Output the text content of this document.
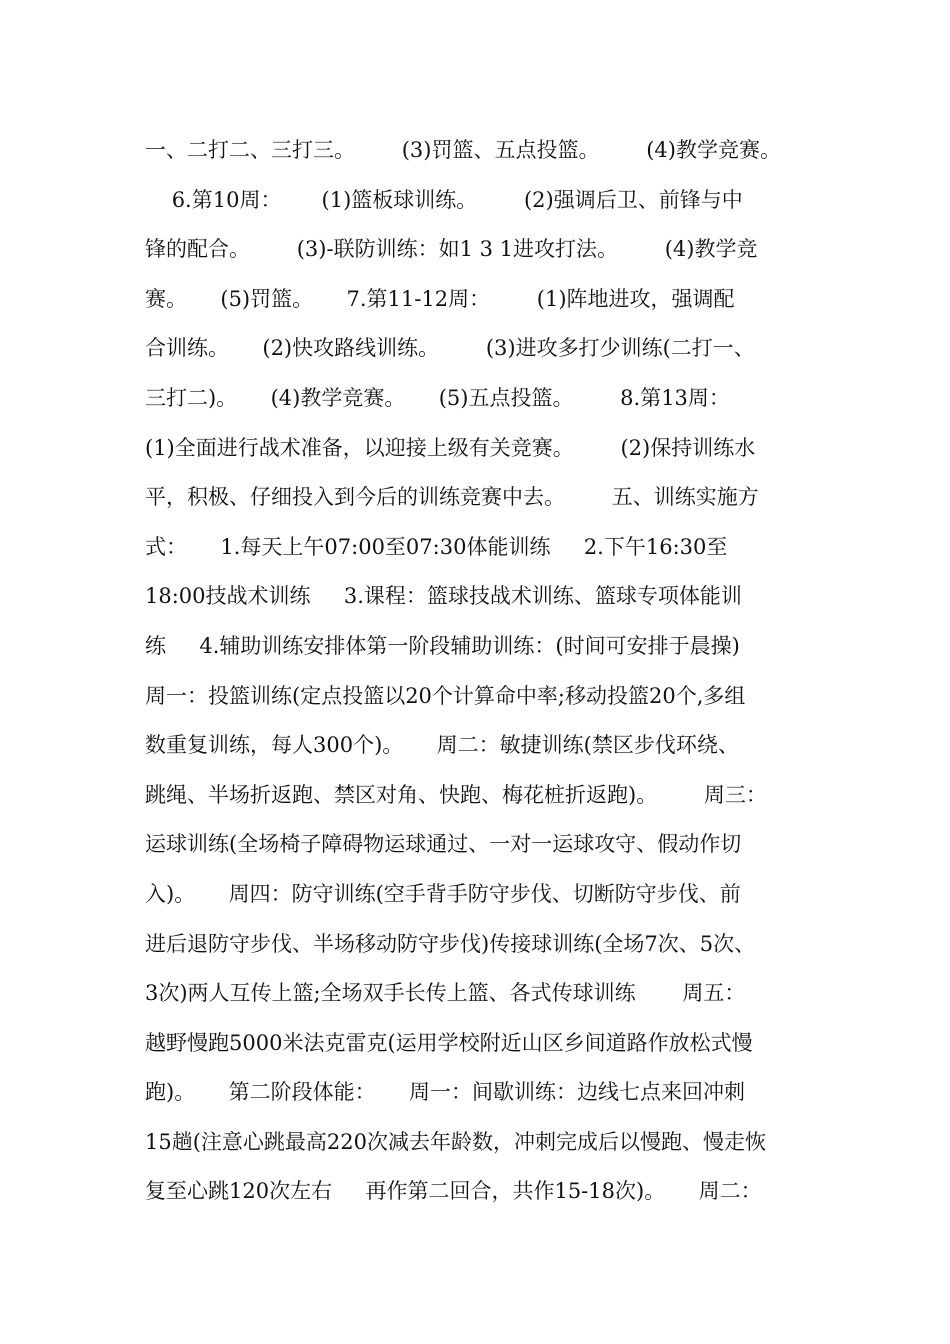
一、二打二、三打三。       (3)罚篮、五点投篮。       (4)教学竞赛。
6.第10周：      (1)篮板球训练。       (2)强调后卫、前锋与中
锋的配合。       (3)-联防训练：如1 3 1进攻打法。       (4)教学竞
赛。     (5)罚篮。     7.第11-12周：       (1)阵地进攻，强调配
合训练。     (2)快攻路线训练。       (3)进攻多打少训练(二打一、
三打二)。     (4)教学竞赛。     (5)五点投篮。       8.第13周：
(1)全面进行战术准备，以迎接上级有关竞赛。       (2)保持训练水
平，积极、仔细投入到今后的训练竞赛中去。       五、训练实施方
式：     1.每天上午07:00至07:30体能训练     2.下午16:30至
18:00技战术训练     3.课程：篮球技战术训练、篮球专项体能训
练     4.辅助训练安排体第一阶段辅助训练：(时间可安排于晨操)
周一：投篮训练(定点投篮以20个计算命中率;移动投篮20个,多组
数重复训练，每人300个)。     周二：敏捷训练(禁区步伐环绕、
跳绳、半场折返跑、禁区对角、快跑、梅花桩折返跑)。       周三：
运球训练(全场椅子障碍物运球通过、一对一运球攻守、假动作切
入)。     周四：防守训练(空手背手防守步伐、切断防守步伐、前
进后退防守步伐、半场移动防守步伐)传接球训练(全场7次、5次、
3次)两人互传上篮;全场双手长传上篮、各式传球训练       周五：
越野慢跑5000米法克雷克(运用学校附近山区乡间道路作放松式慢
跑)。     第二阶段体能：     周一：间歇训练：边线七点来回冲刺
15趟(注意心跳最高220次减去年龄数，冲刺完成后以慢跑、慢走恢
复至心跳120次左右     再作第二回合，共作15-18次)。     周二：
